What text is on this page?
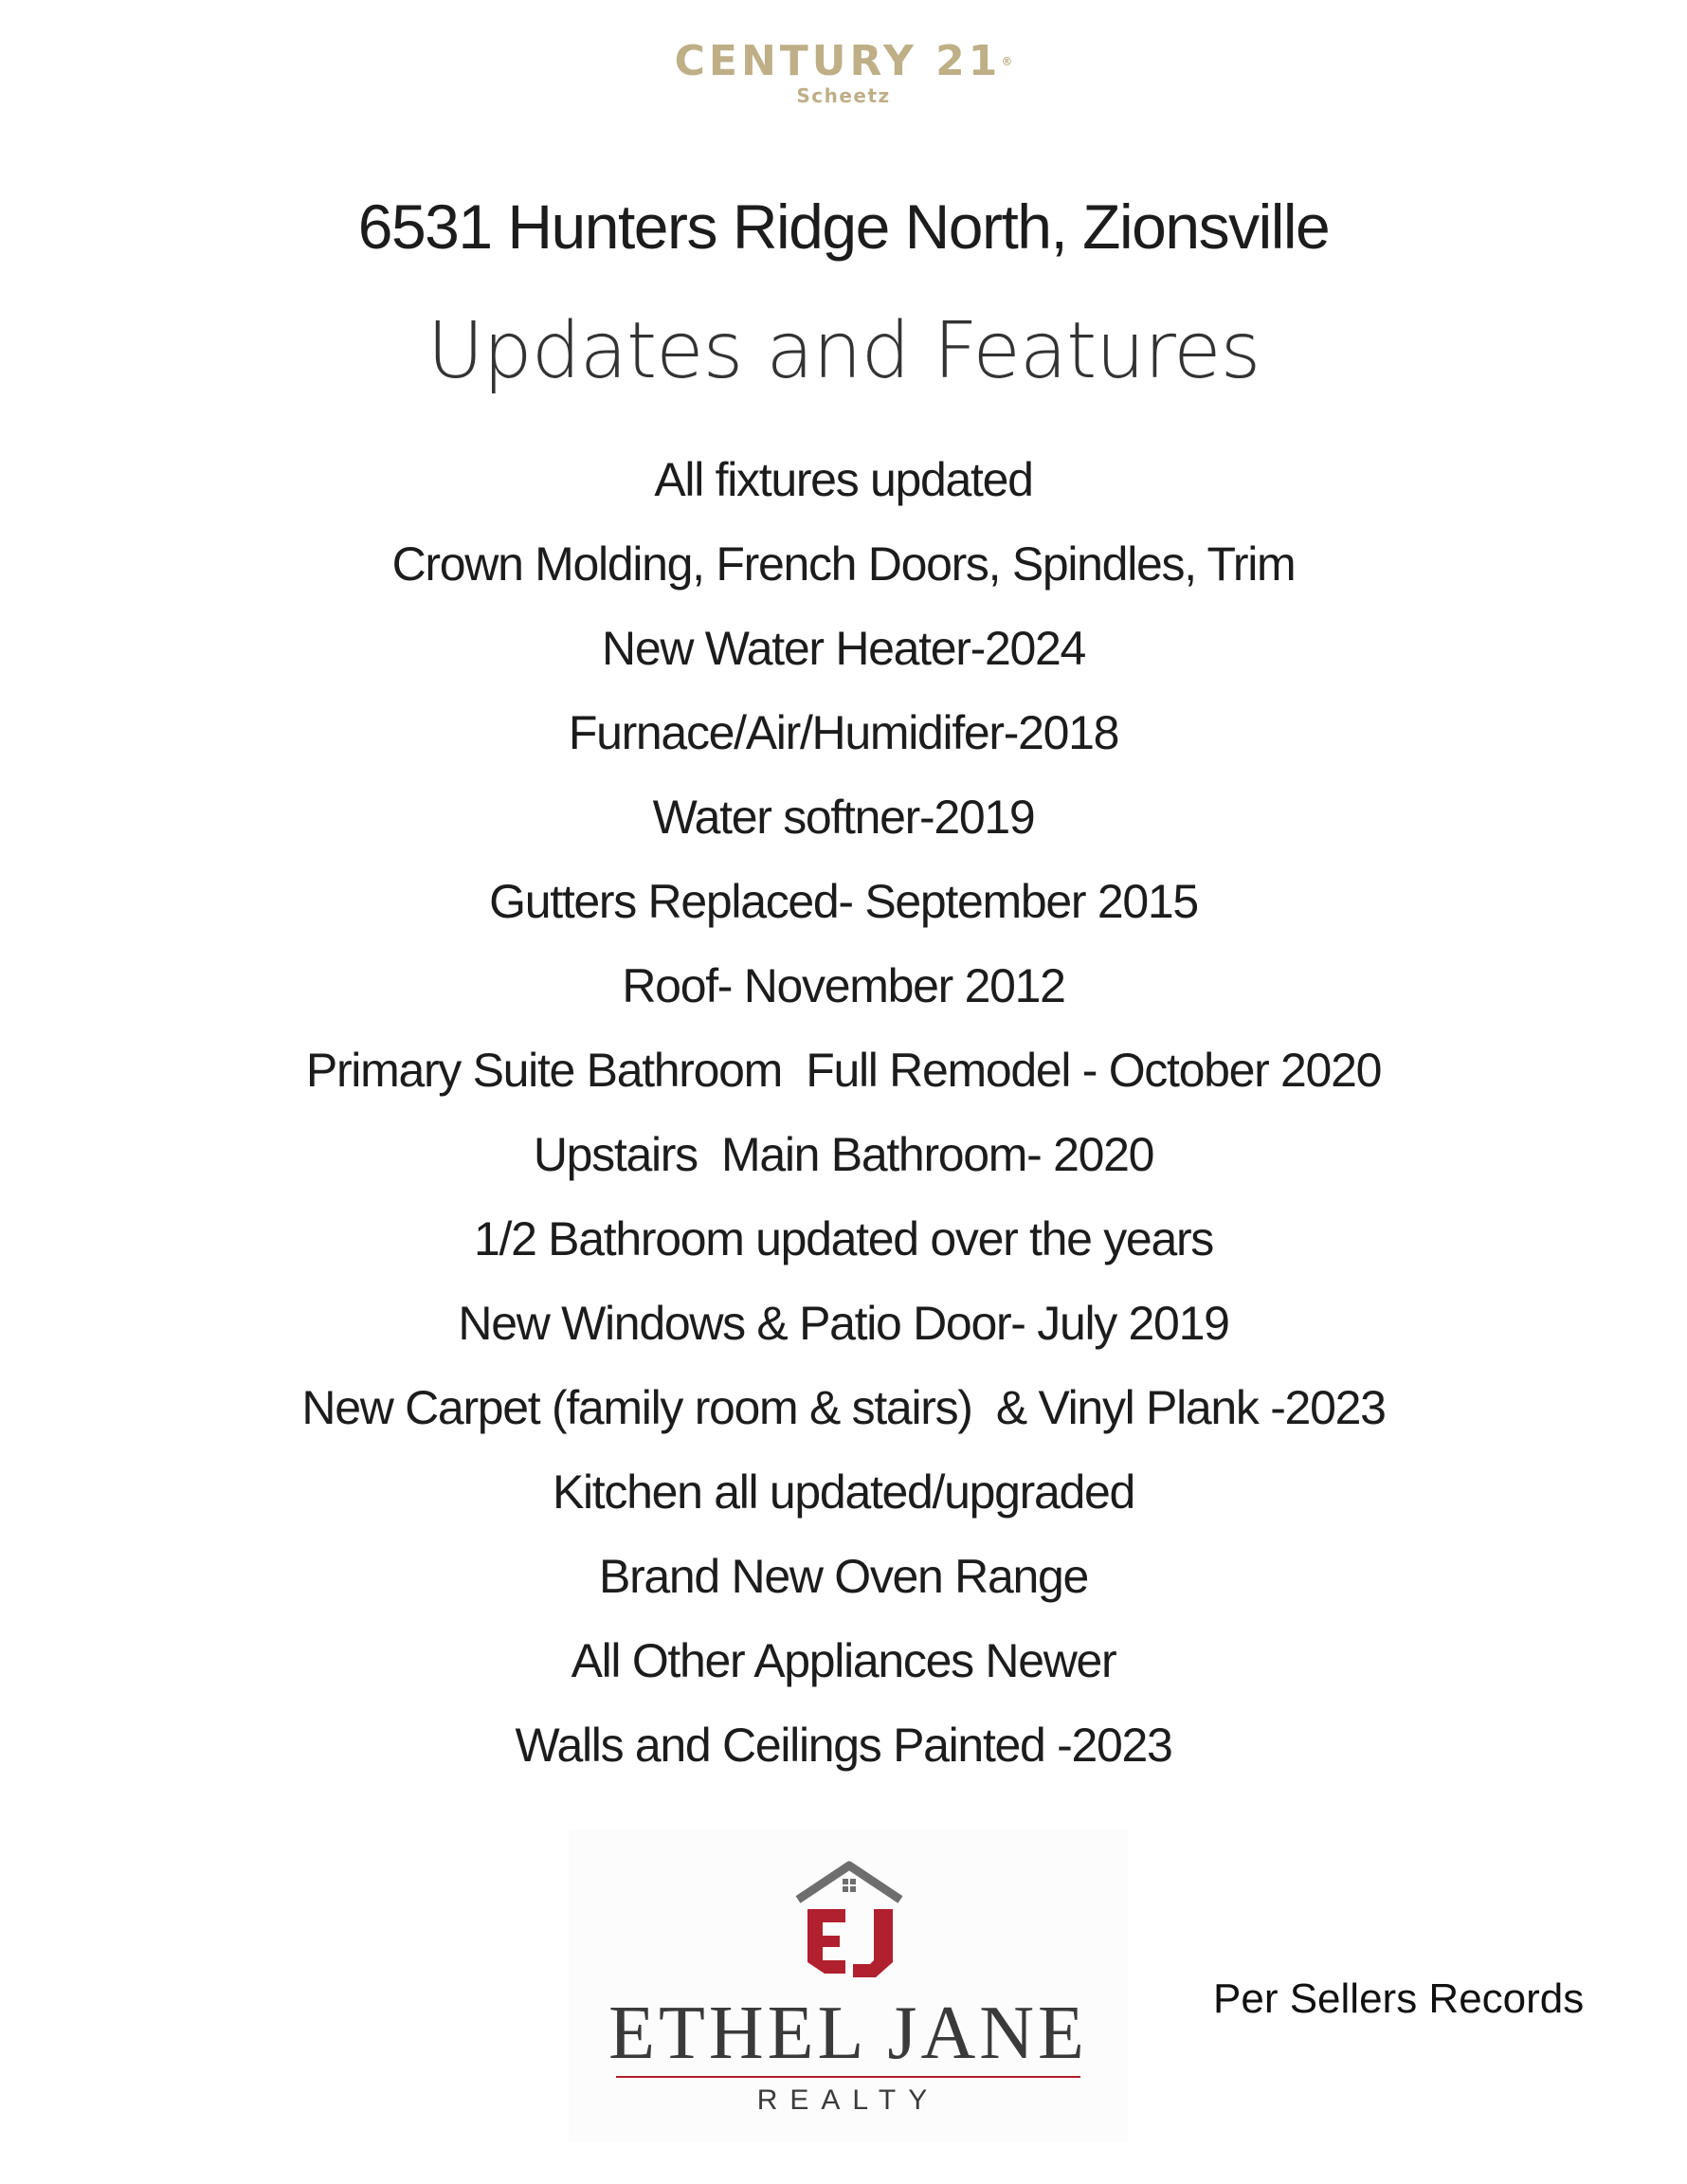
CENTURY 21®
Scheetz
6531 Hunters Ridge North, Zionsville
Updates and Features
All fixtures updated
Crown Molding, French Doors, Spindles, Trim
New Water Heater-2024
Furnace/Air/Humidifer-2018
Water softner-2019
Gutters Replaced- September 2015
Roof- November 2012
Primary Suite Bathroom  Full Remodel - October 2020
Upstairs  Main Bathroom- 2020
1/2 Bathroom updated over the years
New Windows & Patio Door- July 2019
New Carpet (family room & stairs)  & Vinyl Plank -2023
Kitchen all updated/upgraded
Brand New Oven Range
All Other Appliances Newer
Walls and Ceilings Painted -2023
ETHEL JANE
REALTY
Per Sellers Records
